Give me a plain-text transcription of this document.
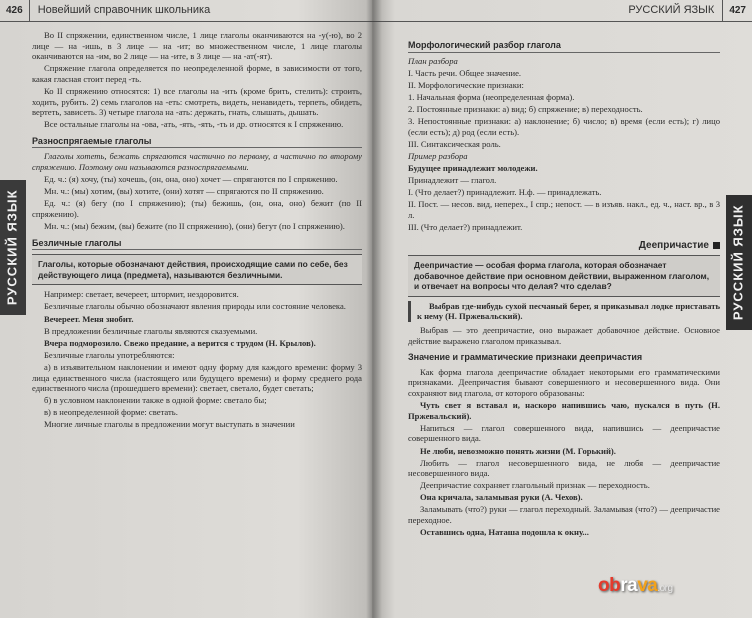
426	Новейший справочник школьника
РУССКИЙ ЯЗЫК

Во II спряжении, единственном числе, 1 лице глаголы оканчиваются на -у(-ю), во 2 лице — на -ишь, в 3 лице — на -ит; во множественном числе, 1 лице глаголы оканчиваются на -им, во 2 лице — на -ите, в 3 лице — на -ат(-ят).

Спряжение глагола определяется по неопределенной форме, в зависимости от того, какая гласная стоит перед -ть.

Ко II спряжению относятся: 1) все глаголы на -ить (кроме брить, стелить): строить, ходить, рубить. 2) семь глаголов на -еть: смотреть, видеть, ненавидеть, терпеть, обидеть, вертеть, зависеть. 3) четыре глагола на -ать: держать, гнать, слышать, дышать.

Все остальные глаголы на -ова, -ать, -ять, -ять, -ть и др. относятся к I спряжению.

Разноспрягаемые глаголы

Глаголы хотеть, бежать спрягаются частично по первому, а частично по второму спряжению. Поэтому они называются разноспрягаемыми.

Ед. ч.: (я) хочу, (ты) хочешь, (он, она, оно) хочет — спрягаются по I спряжению.

Мн. ч.: (мы) хотим, (вы) хотите, (они) хотят — спрягаются по II спряжению.

Ед. ч.: (я) бегу (по I спряжению); (ты) бежишь, (он, она, оно) бежит (по II спряжению).

Мн. ч.: (мы) бежим, (вы) бежите (по II спряжению), (они) бегут (по I спряжению).

Безличные глаголы
Глаголы, которые обозначают действия, происходящие сами по себе, без действующего лица (предмета), называются безличными.

Например: светает, вечереет, штормит, нездоровится.

Безличные глаголы обычно обозначают явления природы или состояние человека.

Вечереет. Меня знобит.

В предложении безличные глаголы являются сказуемыми.

Вчера подморозило. Свежо предание, а верится с трудом (Н. Крылов).

Безличные глаголы употребляются:

а) в изъявительном наклонении и имеют одну форму для каждого времени: форму 3 лица единственного числа (настоящего или будущего времени) и форму среднего рода единственного числа (прошедшего времени): светает, светало, будет светать;

б) в условном наклонении также в одной форме: светало бы;

в) в неопределенной форме: светать.

Многие личные глаголы в предложении могут выступать в значении

РУССКИЙ ЯЗЫК	427
РУССКИЙ ЯЗЫК
Морфологический разбор глагола

План разбора

I. Часть речи. Общее значение.

II. Морфологические признаки:

1. Начальная форма (неопределенная форма).

2. Постоянные признаки: а) вид; б) спряжение; в) переходность.

3. Непостоянные признаки: а) наклонение; б) число; в) время (если есть); г) лицо (если есть); д) род (если есть).

III. Синтаксическая роль.

Пример разбора

Будущее принадлежит молодежи.

Принадлежит — глагол.

I. (Что делает?) принадлежит. Н.ф. — принадлежать.

II. Пост. — несов. вид, неперех., I спр.; непост. — в изъяв. накл., ед. ч., наст. вр., в 3 л.

III. (Что делает?) принадлежит.

Деепричастие
Деепричастие — особая форма глагола, которая обозначает добавочное действие при основном действии, выраженном глаголом, и отвечает на вопросы что делая? что сделав?

Выбрав где-нибудь сухой песчаный берег, я приказывал лодке приставать к нему (Н. Пржевальский).

Выбрав — это деепричастие, оно выражает добавочное действие. Основное действие выражено глаголом приказывал.

Значение и грамматические признаки деепричастия

Как форма глагола деепричастие обладает некоторыми его грамматическими признаками. Деепричастия бывают совершенного и несовершенного вида. Они сохраняют вид глагола, от которого образованы:

Чуть свет я вставал и, наскоро напившись чаю, пускался в путь (Н. Пржевальский).

Напиться — глагол совершенного вида, напившись — деепричастие совершенного вида.

Не люби, невозможно понять жизни (М. Горький).

Любить — глагол несовершенного вида, не любя — деепричастие несовершенного вида.

Деепричастие сохраняет глагольный признак — переходность.

Она кричала, заламывая руки (А. Чехов).

Заламывать (что?) руки — глагол переходный. Заламывая (что?) — деепричастие переходное.

Оставшись одна, Наташа подошла к окну...

obrava.org
